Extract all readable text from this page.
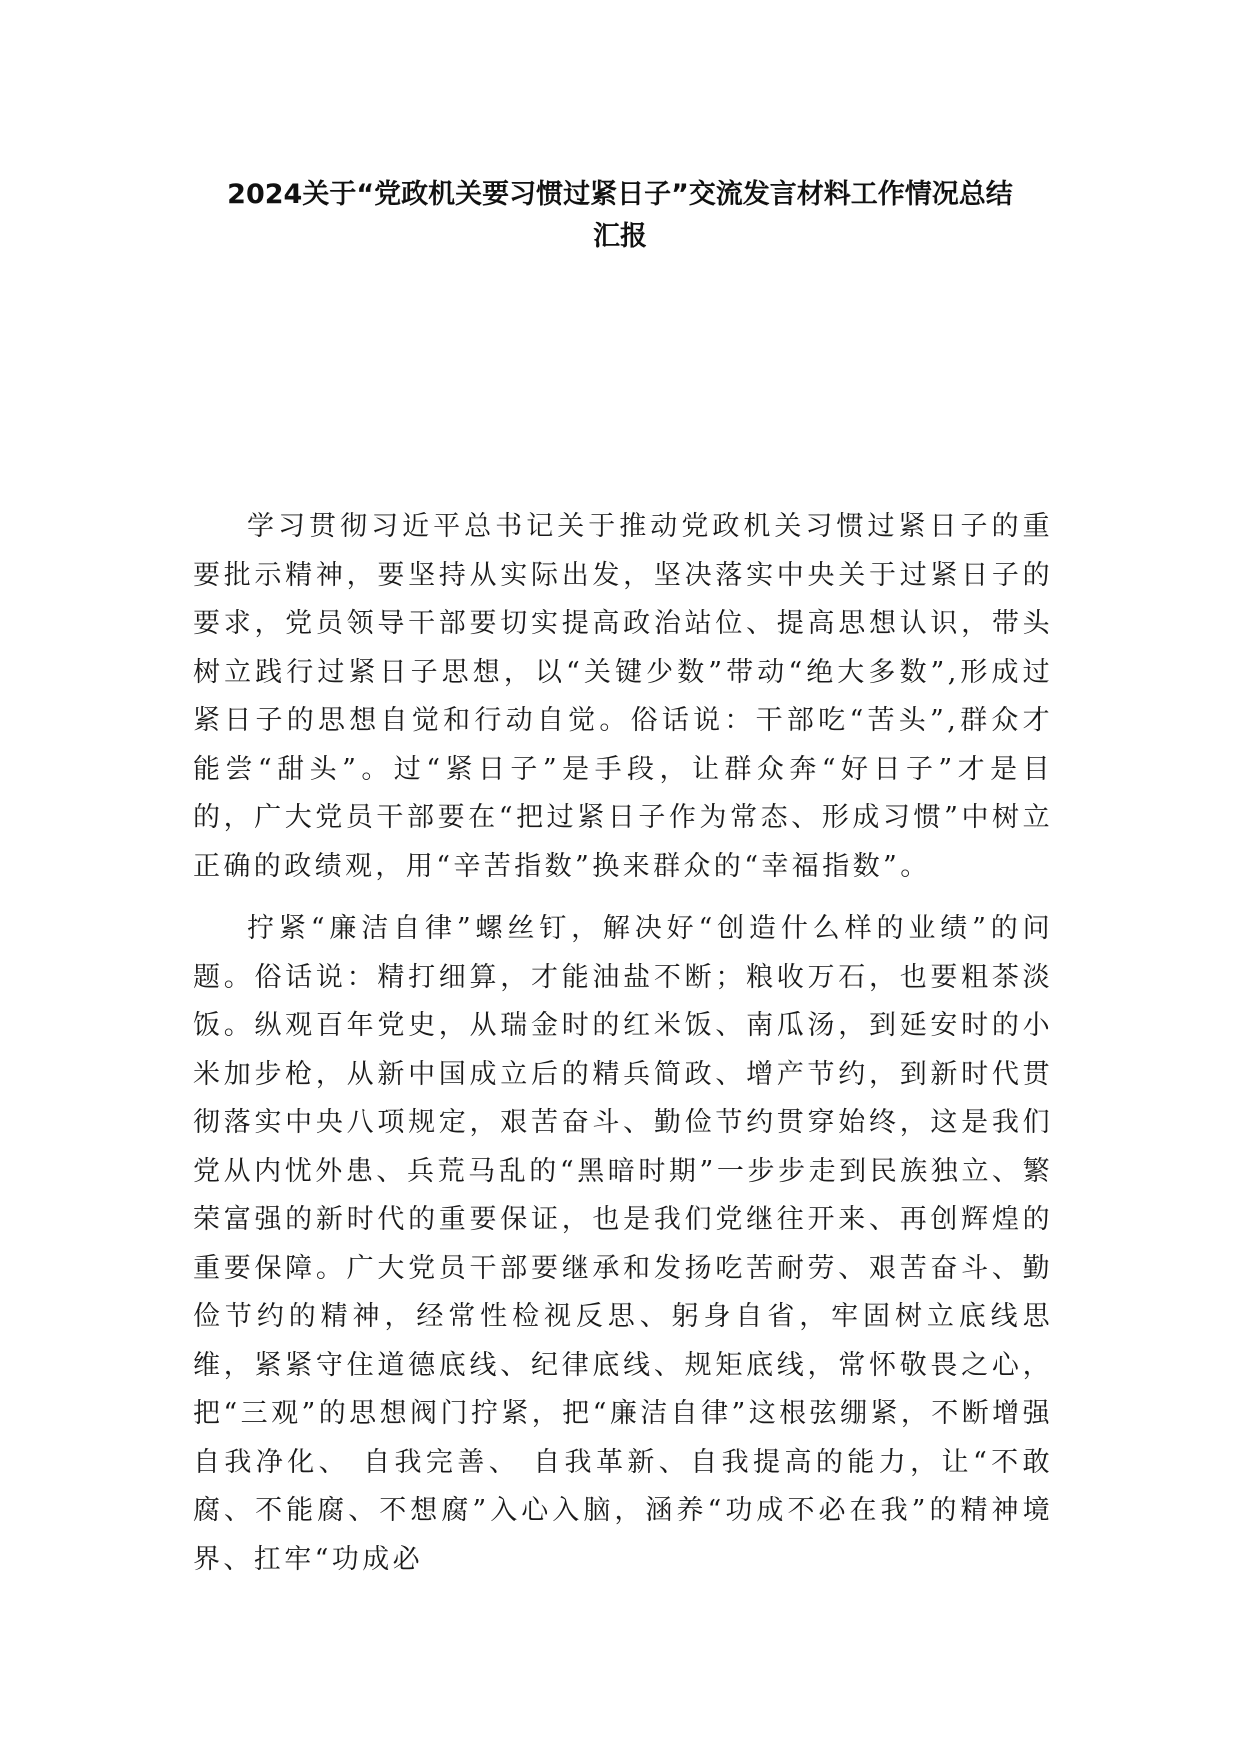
2024关于“党政机关要习惯过紧日子”交流发言材料工作情况总结
汇报

学习贯彻习近平总书记关于推动党政机关习惯过紧日子的重要批示精神，要坚持从实际出发，坚决落实中央关于过紧日子的要求，党员领导干部要切实提高政治站位、提高思想认识，带头树立践行过紧日子思想，以“关键少数”带动“绝大多数”,形成过紧日子的思想自觉和行动自觉。俗话说：干部吃“苦头”,群众才能尝“甜头”。过“紧日子”是手段，让群众奔“好日子”才是目的，广大党员干部要在“把过紧日子作为常态、形成习惯”中树立正确的政绩观，用“辛苦指数”换来群众的“幸福指数”。

拧紧“廉洁自律”螺丝钉，解决好“创造什么样的业绩”的问题。俗话说：精打细算，才能油盐不断；粮收万石，也要粗茶淡饭。纵观百年党史，从瑞金时的红米饭、南瓜汤，到延安时的小米加步枪，从新中国成立后的精兵简政、增产节约，到新时代贯彻落实中央八项规定，艰苦奋斗、勤俭节约贯穿始终，这是我们党从内忧外患、兵荒马乱的“黑暗时期”一步步走到民族独立、繁荣富强的新时代的重要保证，也是我们党继往开来、再创辉煌的重要保障。广大党员干部要继承和发扬吃苦耐劳、艰苦奋斗、勤俭节约的精神，经常性检视反思、躬身自省，牢固树立底线思维，紧紧守住道德底线、纪律底线、规矩底线，常怀敬畏之心，把“三观”的思想阀门拧紧，把“廉洁自律”这根弦绷紧，不断增强自我净化、 自我完善、 自我革新、自我提高的能力，让“不敢腐、不能腐、不想腐”入心入脑，涵养“功成不必在我”的精神境界、扛牢“功成必
